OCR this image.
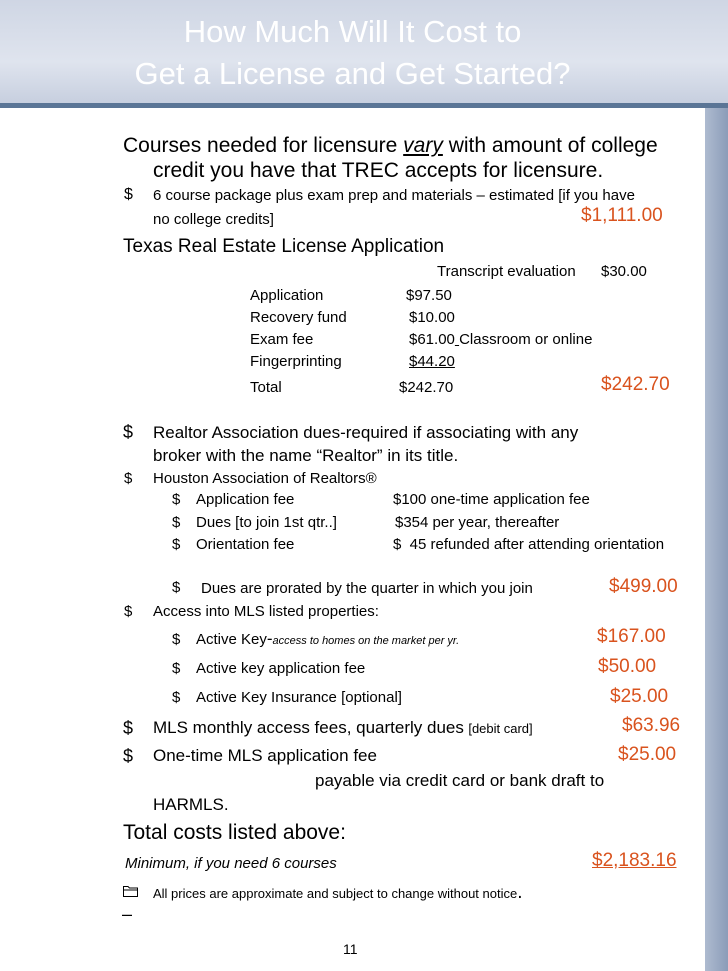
How Much Will It Cost to
Get a License and Get Started?
Courses needed for licensure vary with amount of college
credit you have that TREC accepts for licensure.
$ 6 course package plus exam prep and materials – estimated [if you have
no college credits]	$1,111.00
Texas Real Estate License Application
Transcript evaluation $30.00
Application	$97.50
Recovery fund	$10.00
Exam fee	$61.00 Classroom or online
Fingerprinting	$44.20
Total	$242.70	$242.70
$ Realtor Association dues-required if associating with any
broker with the name “Realtor” in its title.
$ Houston Association of Realtors®
$ Application fee	$100 one-time application fee
$ Dues [to join 1st qtr..]	$354 per year, thereafter
$ Orientation fee	$  45 refunded after attending orientation
$ Dues are prorated by the quarter in which you join	$499.00
$ Access into MLS listed properties:
$ Active Key-access to homes on the market per yr.	$167.00
$ Active key application fee	$50.00
$ Active Key Insurance [optional]	$25.00
$ MLS monthly access fees, quarterly dues [debit card]	$63.96
$ One-time MLS application fee	$25.00
payable via credit card or bank draft to
HARMLS.
Total costs listed above:
Minimum, if you need 6 courses	$2,183.16
All prices are approximate and subject to change without notice.
–
11
